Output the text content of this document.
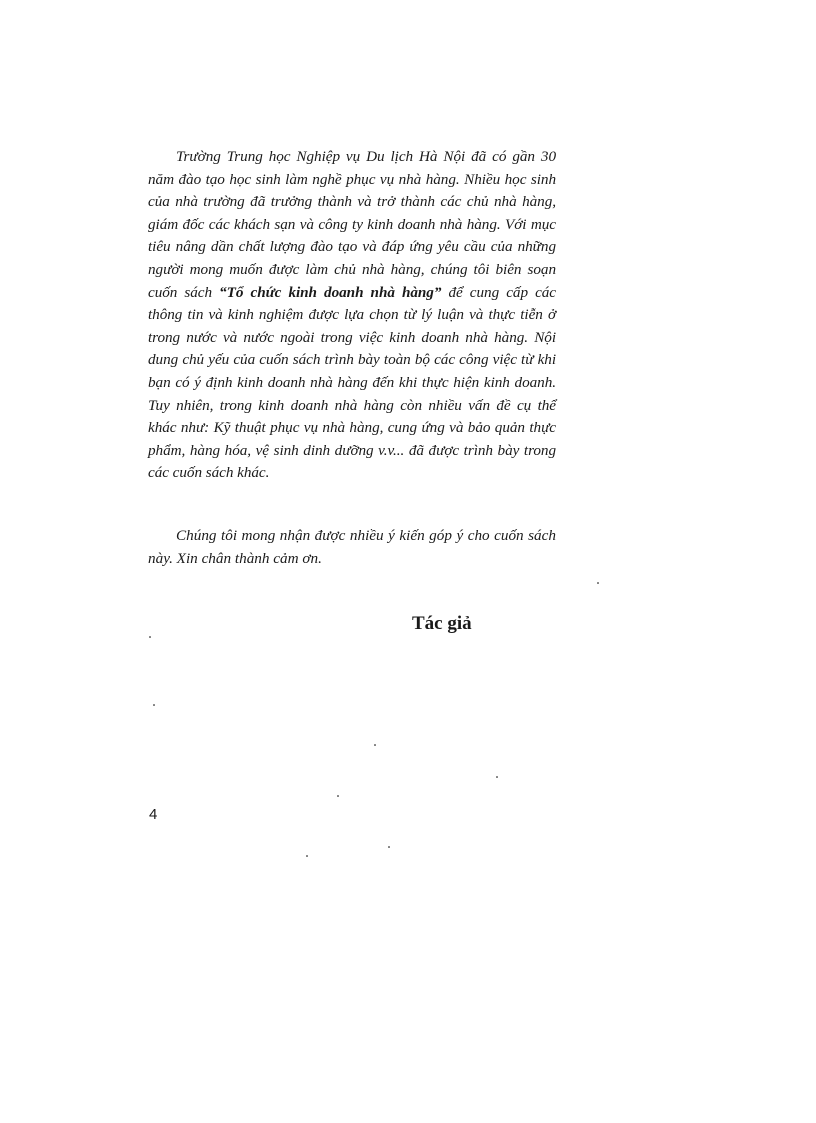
Trường Trung học Nghiệp vụ Du lịch Hà Nội đã có gần 30 năm đào tạo học sinh làm nghề phục vụ nhà hàng. Nhiều học sinh của nhà trường đã trưởng thành và trở thành các chủ nhà hàng, giám đốc các khách sạn và công ty kinh doanh nhà hàng. Với mục tiêu nâng dần chất lượng đào tạo và đáp ứng yêu cầu của những người mong muốn được làm chủ nhà hàng, chúng tôi biên soạn cuốn sách “Tổ chức kinh doanh nhà hàng” để cung cấp các thông tin và kinh nghiệm được lựa chọn từ lý luận và thực tiễn ở trong nước và nước ngoài trong việc kinh doanh nhà hàng. Nội dung chủ yếu của cuốn sách trình bày toàn bộ các công việc từ khi bạn có ý định kinh doanh nhà hàng đến khi thực hiện kinh doanh. Tuy nhiên, trong kinh doanh nhà hàng còn nhiều vấn đề cụ thể khác như: Kỹ thuật phục vụ nhà hàng, cung ứng và bảo quản thực phẩm, hàng hóa, vệ sinh dinh dưỡng v.v... đã được trình bày trong các cuốn sách khác.

Chúng tôi mong nhận được nhiều ý kiến góp ý cho cuốn sách này. Xin chân thành cảm ơn.

Tác giả

4
